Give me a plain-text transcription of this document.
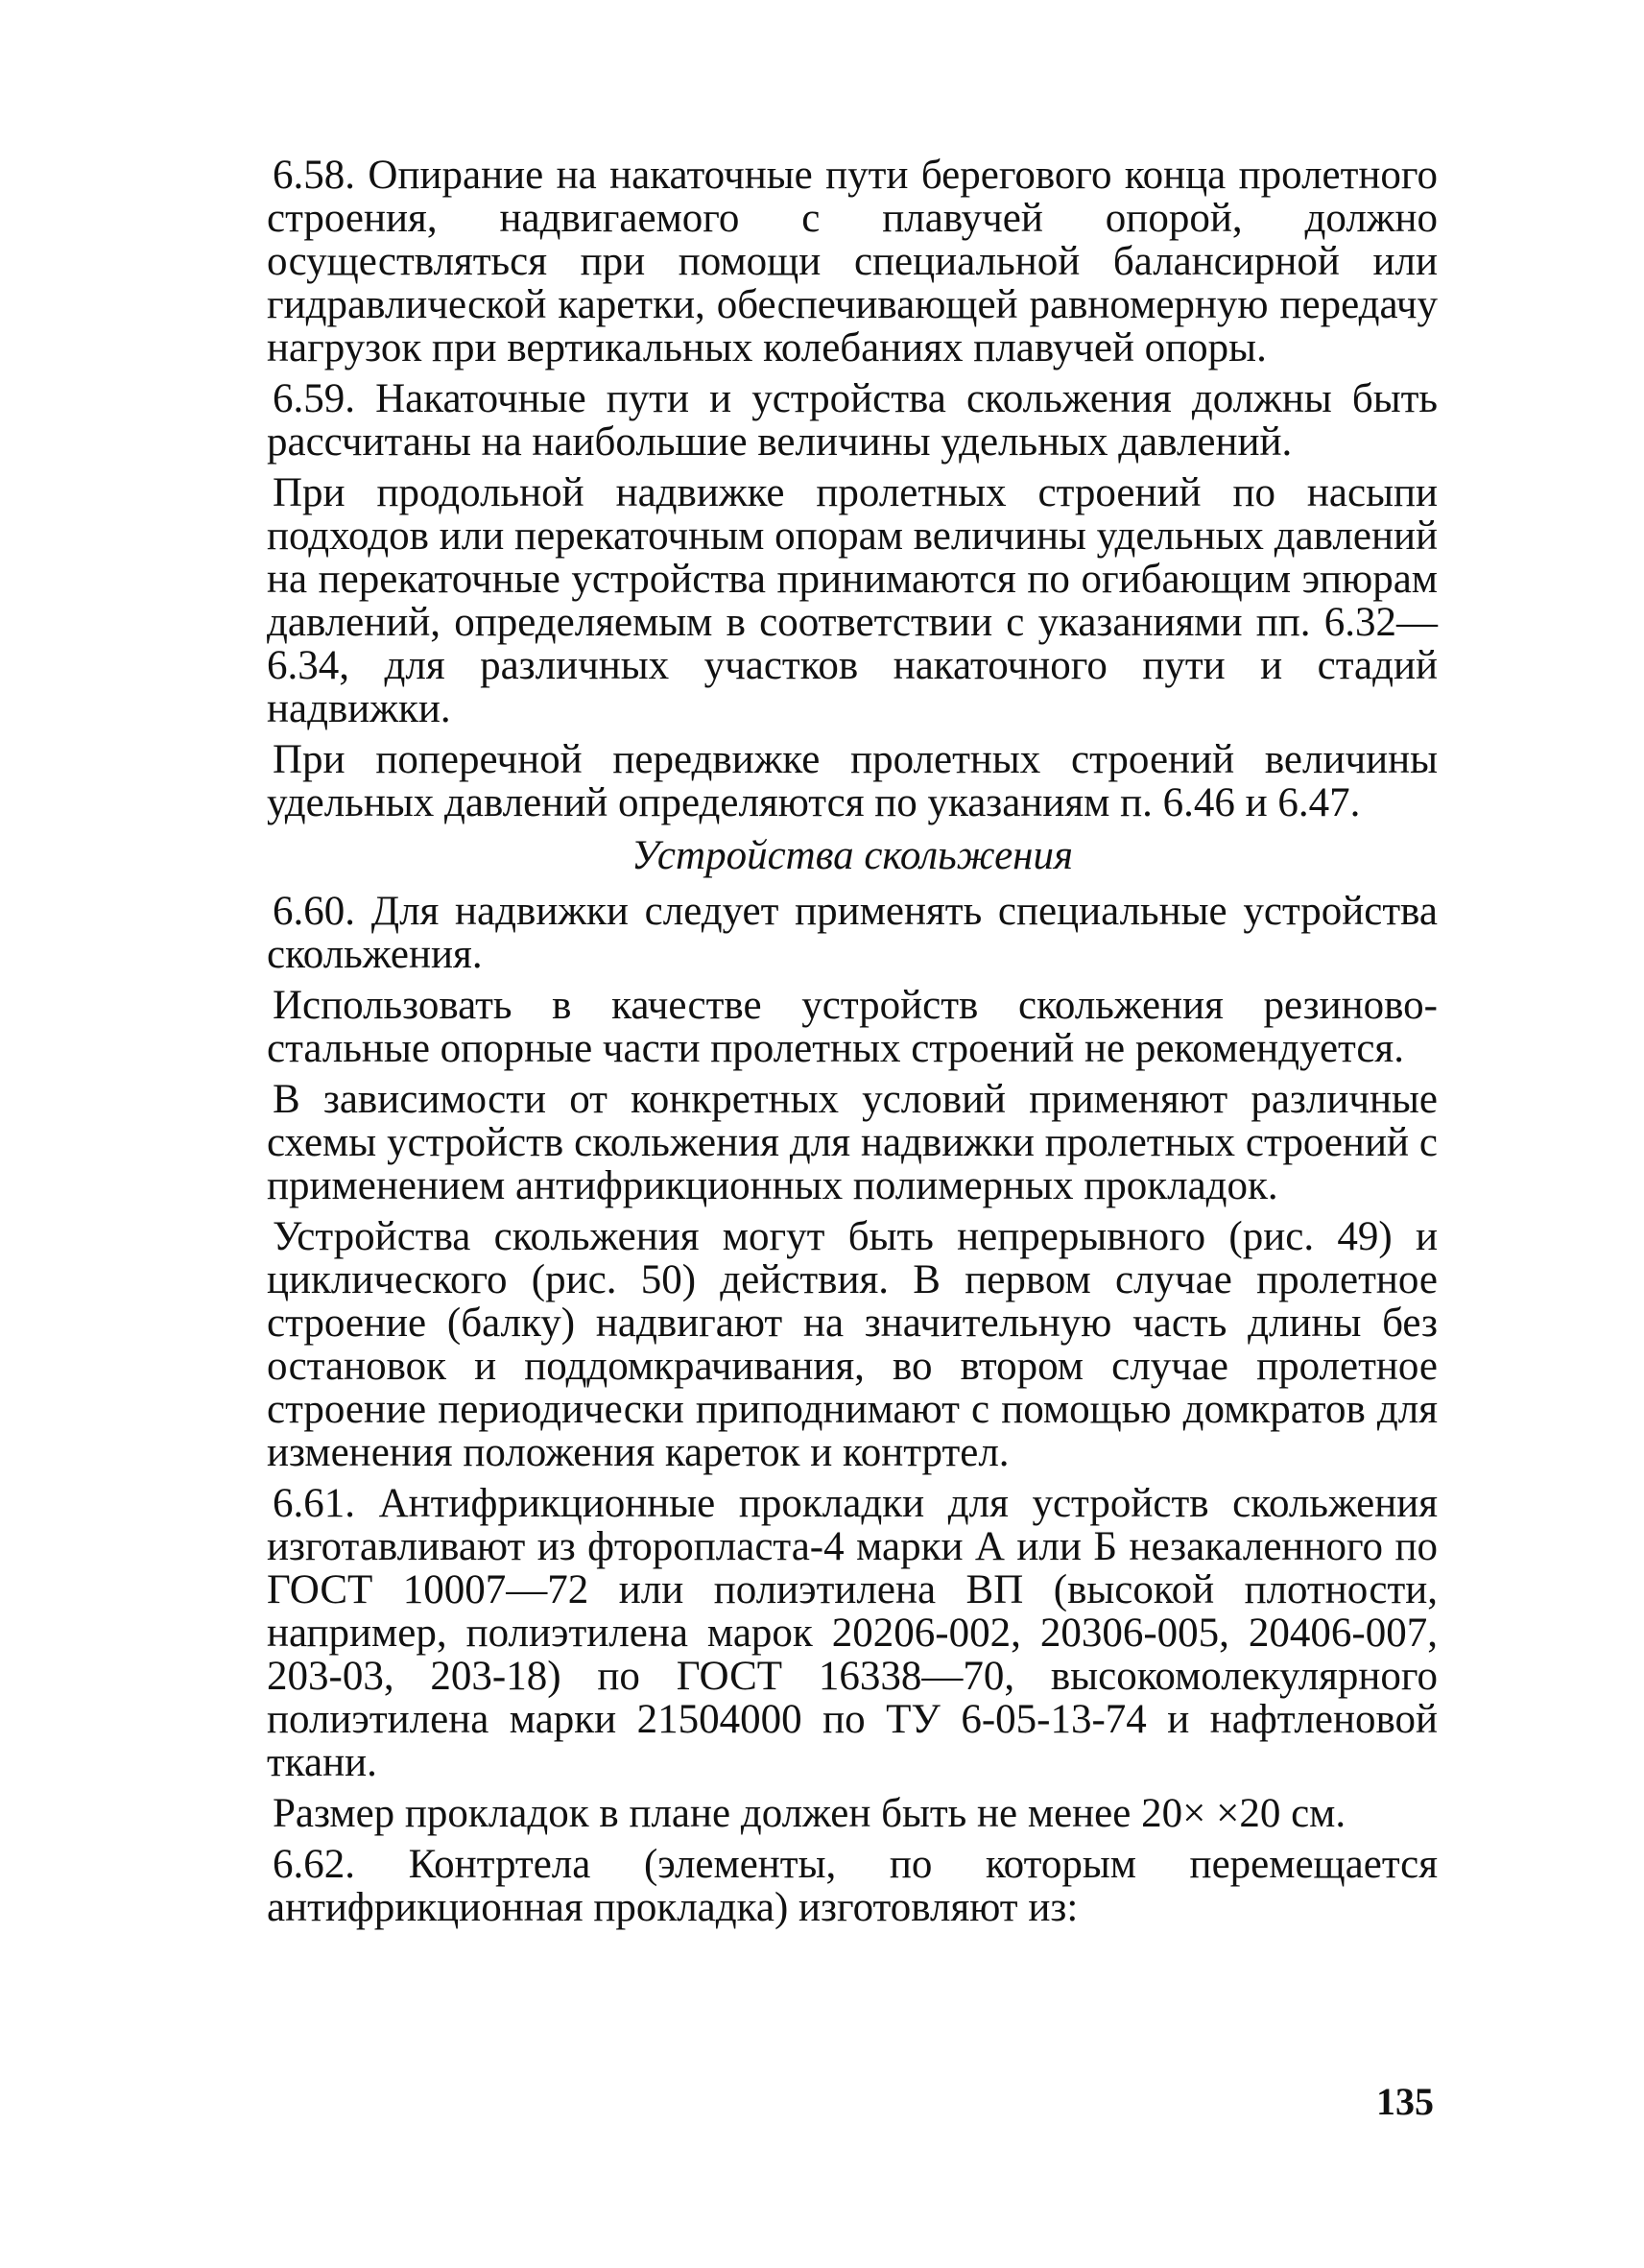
6.58. Опирание на накаточные пути берегового конца пролетного строения, надвигаемого с плавучей опорой, должно осуществляться при помощи специальной балансирной или гидравлической каретки, обеспечивающей равномерную передачу нагрузок при вертикальных колебаниях плавучей опоры.

6.59. Накаточные пути и устройства скольжения должны быть рассчитаны на наибольшие величины удельных давлений.

При продольной надвижке пролетных строений по насыпи подходов или перекаточным опорам величины удельных давлений на перекаточные устройства принимаются по огибающим эпюрам давлений, определяемым в соответствии с указаниями пп. 6.32—6.34, для различных участков накаточного пути и стадий надвижки.

При поперечной передвижке пролетных строений величины удельных давлений определяются по указаниям п. 6.46 и 6.47.

Устройства скольжения

6.60. Для надвижки следует применять специальные устройства скольжения.

Использовать в качестве устройств скольжения резиново-стальные опорные части пролетных строений не рекомендуется.

В зависимости от конкретных условий применяют различные схемы устройств скольжения для надвижки пролетных строений с применением антифрикционных полимерных прокладок.

Устройства скольжения могут быть непрерывного (рис. 49) и циклического (рис. 50) действия. В первом случае пролетное строение (балку) надвигают на значительную часть длины без остановок и поддомкрачивания, во втором случае пролетное строение периодически приподнимают с помощью домкратов для изменения положения кареток и контртел.

6.61. Антифрикционные прокладки для устройств скольжения изготавливают из фторопласта-4 марки А или Б незакаленного по ГОСТ 10007—72 или полиэтилена ВП (высокой плотности, например, полиэтилена марок 20206-002, 20306-005, 20406-007, 203-03, 203-18) по ГОСТ 16338—70, высокомолекулярного полиэтилена марки 21504000 по ТУ 6-05-13-74 и нафтленовой ткани.

Размер прокладок в плане должен быть не менее 20× ×20 см.

6.62. Контртела (элементы, по которым перемещается антифрикционная прокладка) изготовляют из:

135
